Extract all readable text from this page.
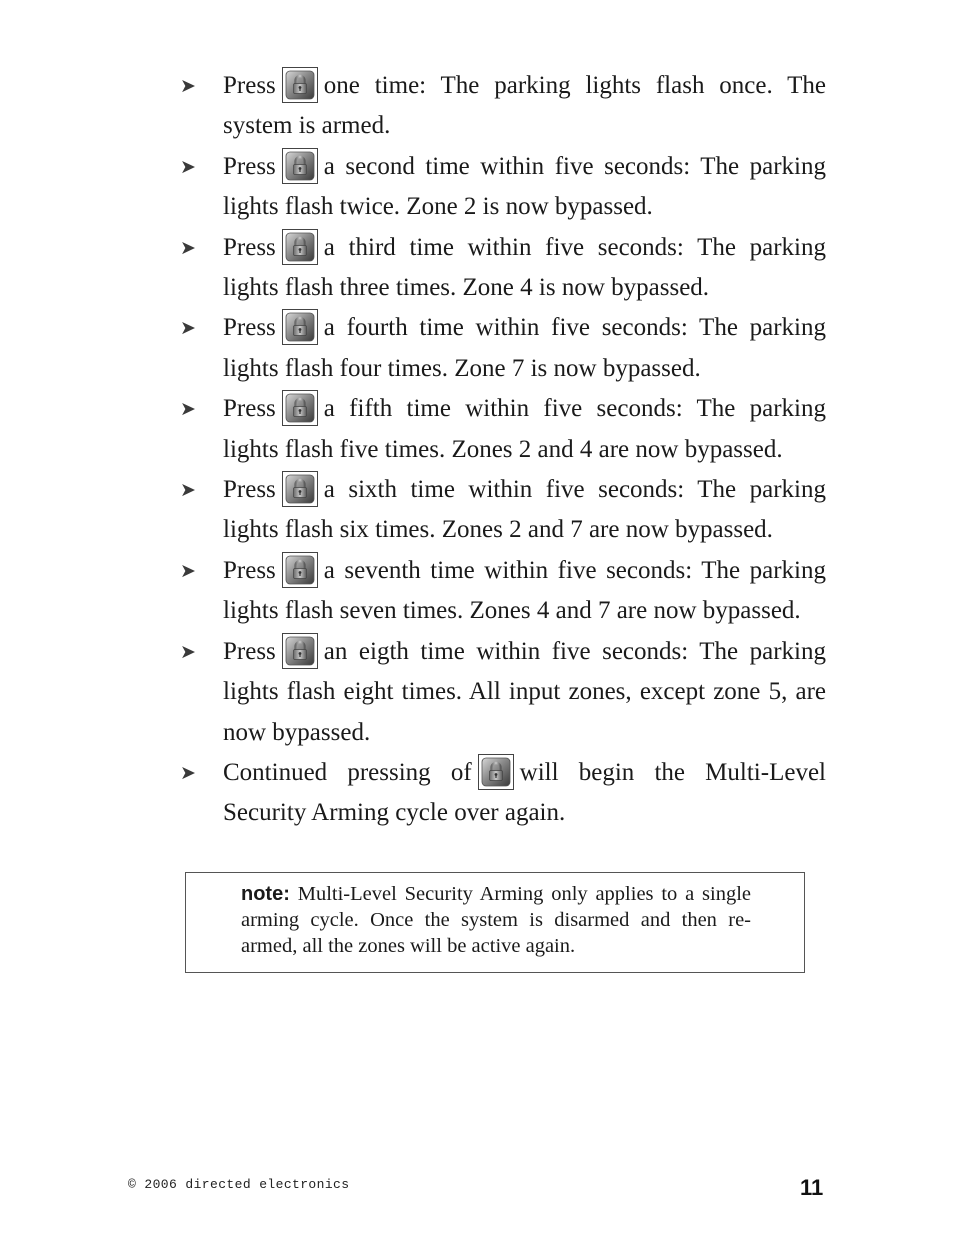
➤ Press one time: The parking lights flash once. The system is armed.
➤ Press a second time within five seconds: The parking lights flash twice. Zone 2 is now bypassed.
➤ Press a third time within five seconds: The parking lights flash three times. Zone 4 is now bypassed.
➤ Press a fourth time within five seconds: The parking lights flash four times. Zone 7 is now bypassed.
➤ Press a fifth time within five seconds: The parking lights flash five times. Zones 2 and 4 are now bypassed.
➤ Press a sixth time within five seconds: The parking lights flash six times. Zones 2 and 7 are now bypassed.
➤ Press a seventh time within five seconds: The parking lights flash seven times. Zones 4 and 7 are now bypassed.
➤ Press an eigth time within five seconds: The parking lights flash eight times. All input zones, except zone 5, are now bypassed.
➤ Continued pressing of will begin the Multi-Level Security Arming cycle over again.
note: Multi-Level Security Arming only applies to a single arming cycle. Once the system is disarmed and then re-armed, all the zones will be active again.
© 2006 directed electronics	11
